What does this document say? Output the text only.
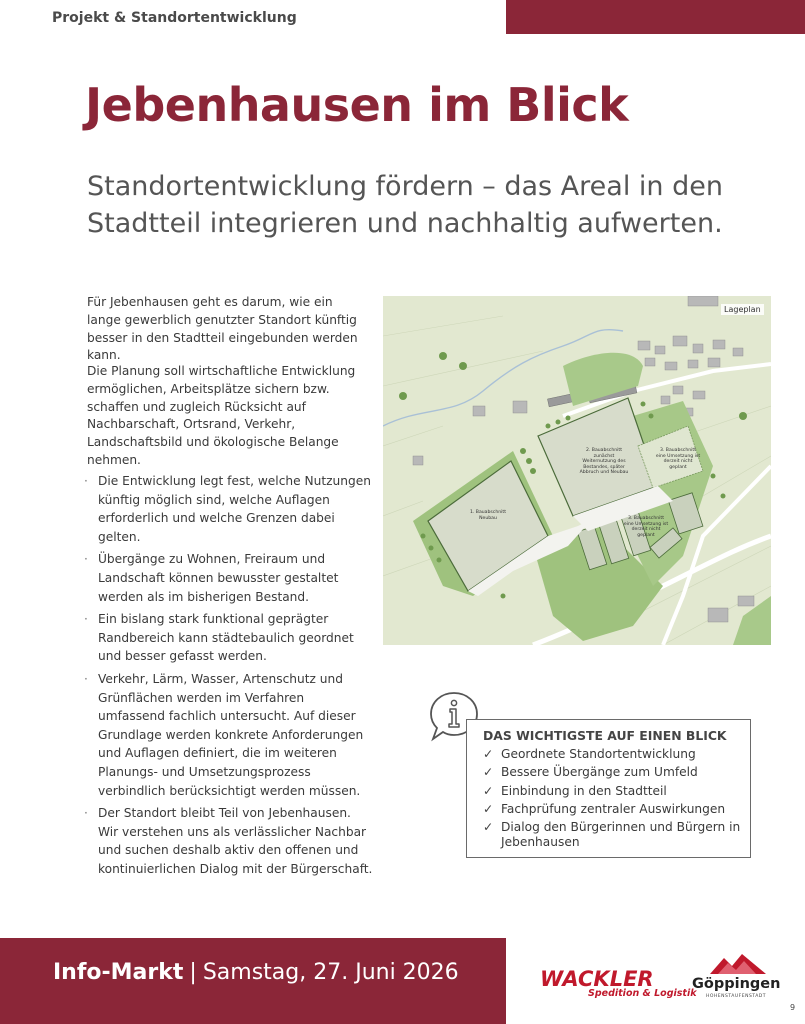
Projekt & Standortentwicklung
Jebenhausen im Blick
Standortentwicklung fördern – das Areal in den Stadtteil integrieren und nachhaltig aufwerten.

Für Jebenhausen geht es darum, wie ein lange gewerblich genutzter Standort künftig besser in den Stadtteil eingebunden werden kann.

Die Planung soll wirtschaftliche Entwicklung ermöglichen, Arbeitsplätze sichern bzw. schaffen und zugleich Rücksicht auf Nachbarschaft, Ortsrand, Verkehr, Landschaftsbild und ökologische Belange nehmen.

· Die Entwicklung legt fest, welche Nutzungen künftig möglich sind, welche Auflagen erforderlich und welche Grenzen dabei gelten.
· Übergänge zu Wohnen, Freiraum und Landschaft können bewusster gestaltet werden als im bisherigen Bestand.
· Ein bislang stark funktional geprägter Randbereich kann städtebaulich geordnet und besser gefasst werden.
· Verkehr, Lärm, Wasser, Artenschutz und Grünflächen werden im Verfahren umfassend fachlich untersucht. Auf dieser Grundlage werden konkrete Anforderungen und Auflagen definiert, die im weiteren Planungs- und Umsetzungsprozess verbindlich berücksichtigt werden müssen.
· Der Standort bleibt Teil von Jebenhausen. Wir verstehen uns als verlässlicher Nachbar und suchen deshalb aktiv den offenen und kontinuierlichen Dialog mit der Bürgerschaft.
Lageplan
1. Bauabschnitt
Neubau
2. Bauabschnitt
zunächst Weiternutzung des Bestandes, später Abbruch und Neubau
3. Bauabschnitt
eine Umsetzung ist derzeit nicht geplant
3. Bauabschnitt
eine Umsetzung ist derzeit nicht geplant
DAS WICHTIGSTE AUF EINEN BLICK
✓ Geordnete Standortentwicklung
✓ Bessere Übergänge zum Umfeld
✓ Einbindung in den Stadtteil
✓ Fachprüfung zentraler Auswirkungen
✓ Dialog den Bürgerinnen und Bürgern in Jebenhausen
Info-Markt | Samstag, 27. Juni 2026	WACKLER
Spedition & Logistik
Göppingen
HOHENSTAUFENSTADT
9
